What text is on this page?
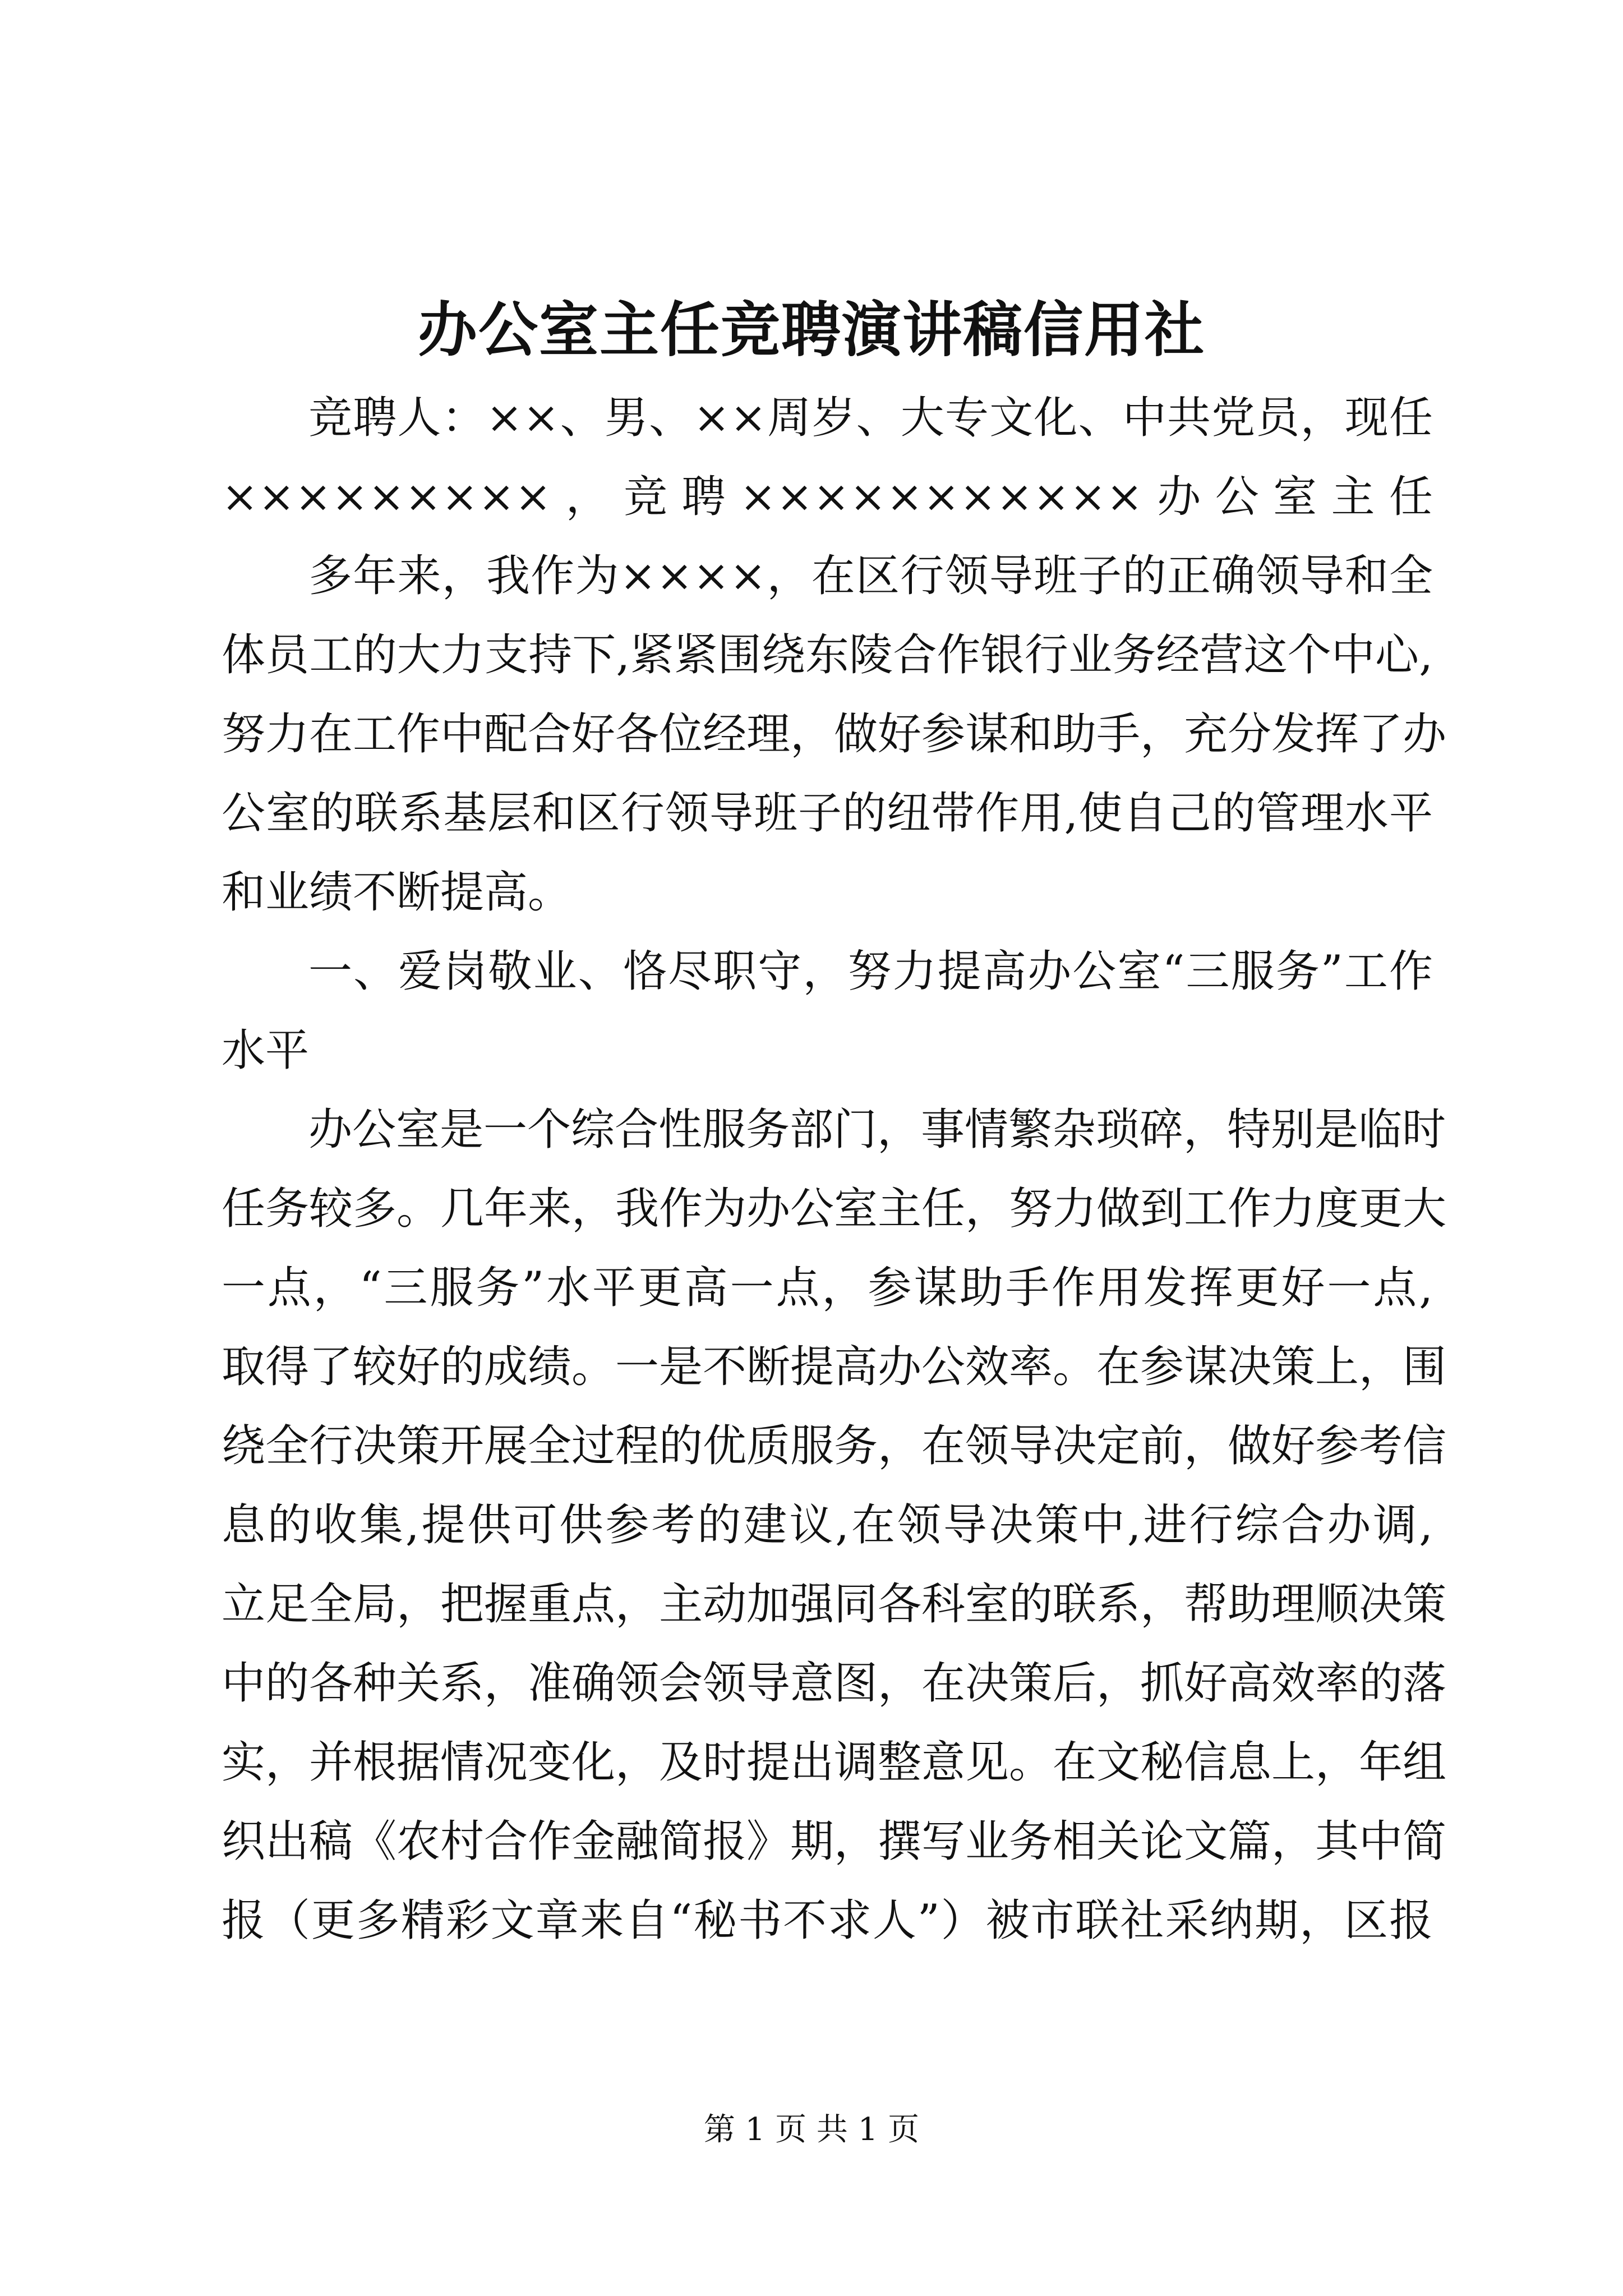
办公室主任竞聘演讲稿信用社
竞聘人：××、男、××周岁、大专文化、中共党员，现任
×××××××××，竞聘×××××××××××办公室主任
多年来，我作为××××，在区行领导班子的正确领导和全
体员工的大力支持下,紧紧围绕东陵合作银行业务经营这个中心,
努力在工作中配合好各位经理，做好参谋和助手，充分发挥了办
公室的联系基层和区行领导班子的纽带作用,使自己的管理水平
和业绩不断提高。
一、爱岗敬业、恪尽职守，努力提高办公室“三服务”工作
水平
办公室是一个综合性服务部门，事情繁杂琐碎，特别是临时
任务较多。几年来，我作为办公室主任，努力做到工作力度更大
一点，“三服务”水平更高一点，参谋助手作用发挥更好一点,
取得了较好的成绩。一是不断提高办公效率。在参谋决策上，围
绕全行决策开展全过程的优质服务，在领导决定前，做好参考信
息的收集,提供可供参考的建议,在领导决策中,进行综合办调,
立足全局，把握重点，主动加强同各科室的联系，帮助理顺决策
中的各种关系，准确领会领导意图，在决策后，抓好高效率的落
实，并根据情况变化，及时提出调整意见。在文秘信息上，年组
织出稿《农村合作金融简报》期，撰写业务相关论文篇，其中简
报（更多精彩文章来自“秘书不求人”）被市联社采纳期，区报
第 1 页 共 1 页
